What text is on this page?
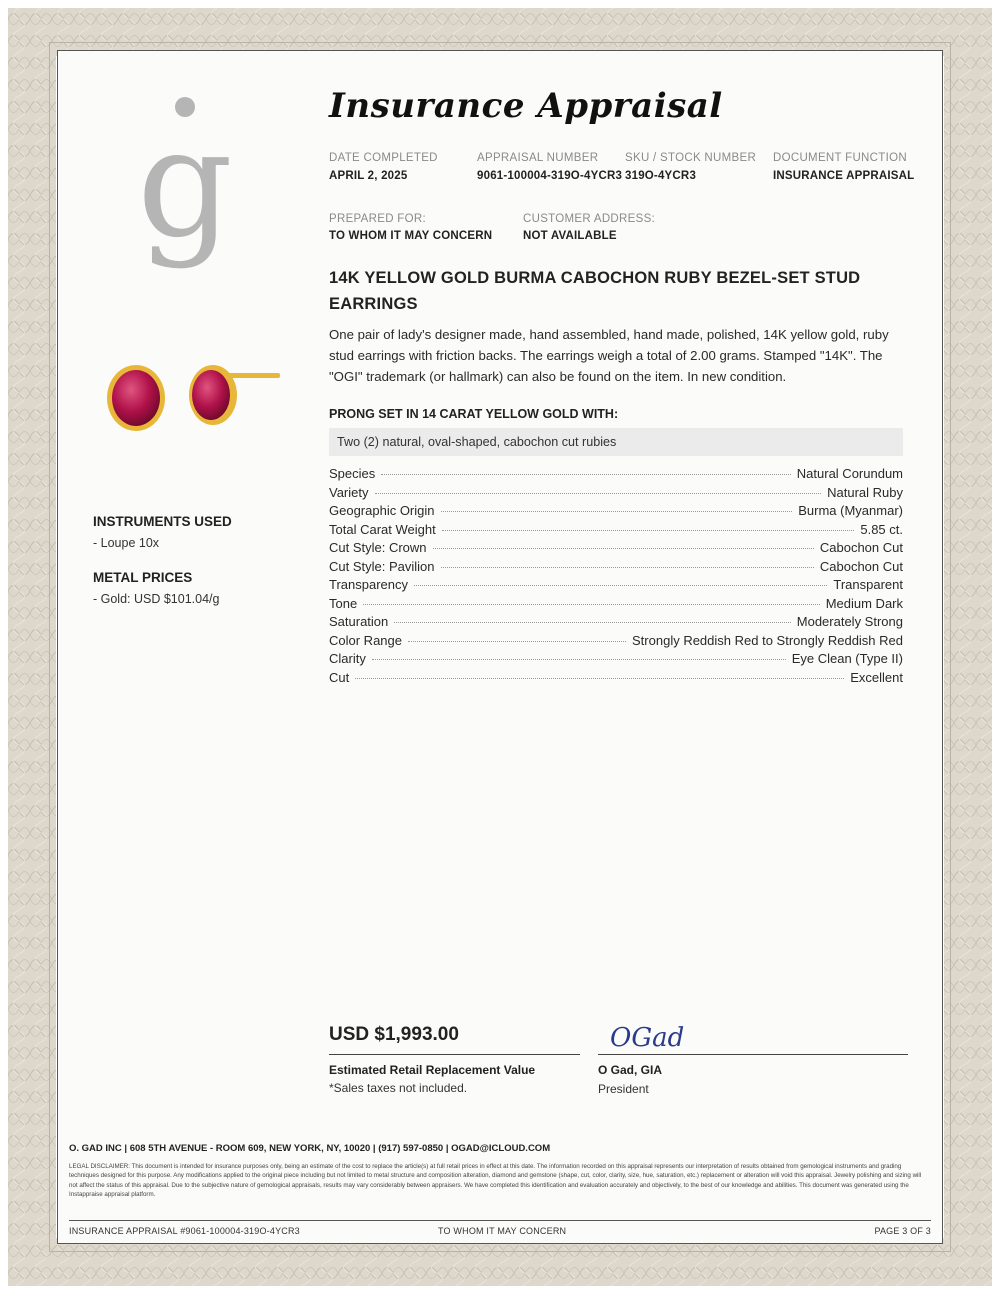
g	Insurance Appraisal
DATE COMPLETED
APRIL 2, 2025
APPRAISAL NUMBER
9061-100004-319O-4YCR3
SKU / STOCK NUMBER
319O-4YCR3
DOCUMENT FUNCTION
INSURANCE APPRAISAL
PREPARED FOR:
TO WHOM IT MAY CONCERN
CUSTOMER ADDRESS:
NOT AVAILABLE
14K YELLOW GOLD BURMA CABOCHON RUBY BEZEL-SET STUD EARRINGS
One pair of lady's designer made, hand assembled, hand made, polished, 14K yellow gold, ruby stud earrings with friction backs. The earrings weigh a total of 2.00 grams. Stamped "14K". The "OGI" trademark (or hallmark) can also be found on the item. In new condition.
PRONG SET IN 14 CARAT YELLOW GOLD WITH:
Two (2) natural, oval-shaped, cabochon cut rubies
Species	Natural Corundum
Variety	Natural Ruby
Geographic Origin	Burma (Myanmar)
Total Carat Weight	5.85 ct.
Cut Style: Crown	Cabochon Cut
Cut Style: Pavilion	Cabochon Cut
Transparency	Transparent
Tone	Medium Dark
Saturation	Moderately Strong
Color Range	Strongly Reddish Red to Strongly Reddish Red
Clarity	Eye Clean (Type II)
Cut	Excellent
INSTRUMENTS USED
- Loupe 10x
METAL PRICES
- Gold: USD $101.04/g
USD $1,993.00
Estimated Retail Replacement Value
*Sales taxes not included.
OGad
O Gad, GIA
President
O. GAD INC | 608 5TH AVENUE - ROOM 609, NEW YORK, NY, 10020 | (917) 597-0850 | OGAD@ICLOUD.COM
LEGAL DISCLAIMER: This document is intended for insurance purposes only, being an estimate of the cost to replace the article(s) at full retail prices in effect at this date. The information recorded on this appraisal represents our interpretation of results obtained from gemological instruments and grading techniques designed for this purpose. Any modifications applied to the original piece including but not limited to metal structure and composition alteration, diamond and gemstone (shape, cut, color, clarity, size, hue, saturation, etc.) replacement or alteration will void this appraisal. Jewelry polishing and sizing will not affect the status of this appraisal. Due to the subjective nature of gemological appraisals, results may vary considerably between appraisers. We have completed this identification and evaluation accurately and objectively, to the best of our knowledge and abilities. This document was generated using the Instappraise appraisal platform.
INSURANCE APPRAISAL #9061-100004-319O-4YCR3	TO WHOM IT MAY CONCERN	PAGE 3 OF 3
